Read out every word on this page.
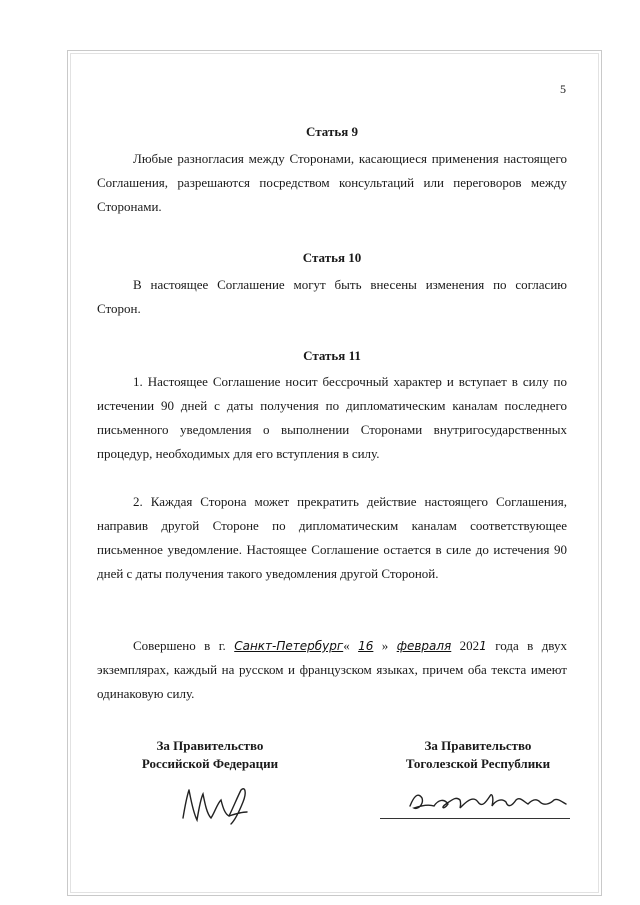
5
Статья 9
Любые разногласия между Сторонами, касающиеся применения настоящего Соглашения, разрешаются посредством консультаций или переговоров между Сторонами.
Статья 10
В настоящее Соглашение могут быть внесены изменения по согласию Сторон.
Статья 11
1. Настоящее Соглашение носит бессрочный характер и вступает в силу по истечении 90 дней с даты получения по дипломатическим каналам последнего письменного уведомления о выполнении Сторонами внутригосударственных процедур, необходимых для его вступления в силу.
2. Каждая Сторона может прекратить действие настоящего Соглашения, направив другой Стороне по дипломатическим каналам соответствующее письменное уведомление. Настоящее Соглашение остается в силе до истечения 90 дней с даты получения такого уведомления другой Стороной.
Совершено в г. Санкт-Петербург« 16 » февраля 2021 года в двух экземплярах, каждый на русском и французском языках, причем оба текста имеют одинаковую силу.
За Правительство
Российской Федерации
За Правительство
Тоголезской Республики
